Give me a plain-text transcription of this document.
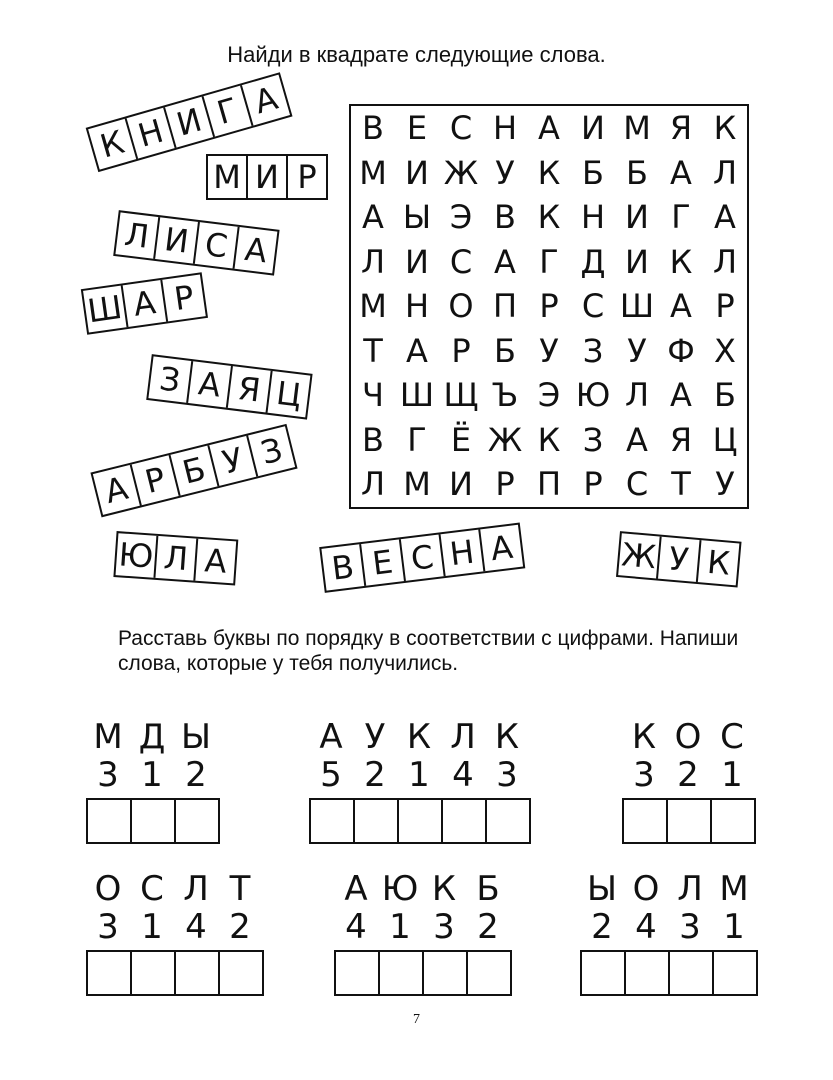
Найди в квадрате следующие слова.
В Е С Н А И М Я К
М И Ж У К Б Б А Л
А Ы Э В К Н И Г А
Л И С А Г Д И К Л
М Н О П Р С Ш А Р
Т А Р Б У З У Ф Х
Ч Ш Щ Ъ Э Ю Л А Б
В Г Ё Ж К З А Я Ц
Л М И Р П Р С Т У
К Н И Г А
М И Р
Л И С А
Ш А Р
З А Я Ц
А Р Б У З
Ю Л А	В Е С Н А	Ж У К
Расставь буквы по порядку в соответствии с цифрами. Напиши слова, которые у тебя получились.
М Д Ы
3 1 2
А У К Л К
5 2 1 4 3
К О С
3 2 1
О С Л Т
3 1 4 2
А Ю К Б
4 1 3 2
Ы О Л М
2 4 3 1
7
